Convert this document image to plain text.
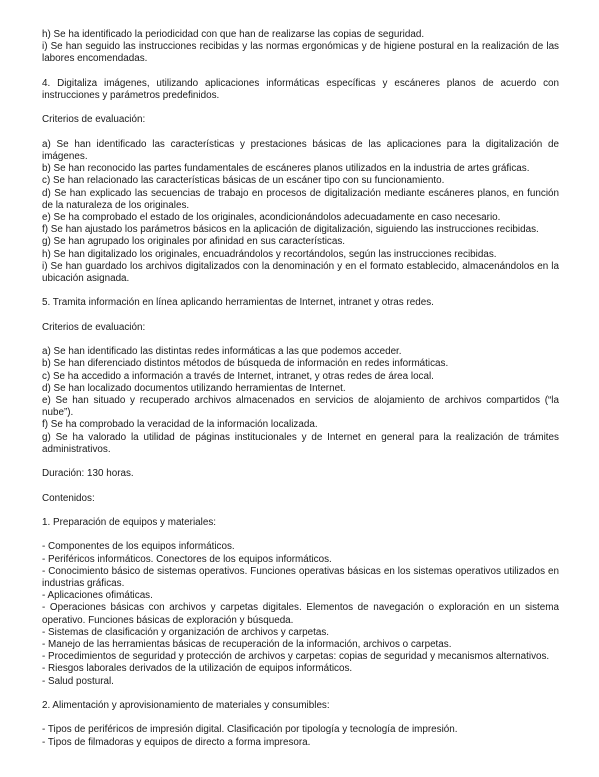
h) Se ha identificado la periodicidad con que han de realizarse las copias de seguridad.

i) Se han seguido las instrucciones recibidas y las normas ergonómicas y de higiene postural en la realización de las labores encomendadas.

4. Digitaliza imágenes, utilizando aplicaciones informáticas específicas y escáneres planos de acuerdo con instrucciones y parámetros predefinidos.

Criterios de evaluación:

a) Se han identificado las características y prestaciones básicas de las aplicaciones para la digitalización de imágenes.

b) Se han reconocido las partes fundamentales de escáneres planos utilizados en la industria de artes gráficas.

c) Se han relacionado las características básicas de un escáner tipo con su funcionamiento.

d) Se han explicado las secuencias de trabajo en procesos de digitalización mediante escáneres planos, en función de la naturaleza de los originales.

e) Se ha comprobado el estado de los originales, acondicionándolos adecuadamente en caso necesario.

f) Se han ajustado los parámetros básicos en la aplicación de digitalización, siguiendo las instrucciones recibidas.

g) Se han agrupado los originales por afinidad en sus características.

h) Se han digitalizado los originales, encuadrándolos y recortándolos, según las instrucciones recibidas.

i) Se han guardado los archivos digitalizados con la denominación y en el formato establecido, almacenándolos en la ubicación asignada.

5. Tramita información en línea aplicando herramientas de Internet, intranet y otras redes.

Criterios de evaluación:

a) Se han identificado las distintas redes informáticas a las que podemos acceder.

b) Se han diferenciado distintos métodos de búsqueda de información en redes informáticas.

c) Se ha accedido a información a través de Internet, intranet, y otras redes de área local.

d) Se han localizado documentos utilizando herramientas de Internet.

e) Se han situado y recuperado archivos almacenados en servicios de alojamiento de archivos compartidos (“la nube”).

f) Se ha comprobado la veracidad de la información localizada.

g) Se ha valorado la utilidad de páginas institucionales y de Internet en general para la realización de trámites administrativos.

Duración: 130 horas.

Contenidos:

1. Preparación de equipos y materiales:

- Componentes de los equipos informáticos.

- Periféricos informáticos. Conectores de los equipos informáticos.

- Conocimiento básico de sistemas operativos. Funciones operativas básicas en los sistemas operativos utilizados en industrias gráficas.

- Aplicaciones ofimáticas.

- Operaciones básicas con archivos y carpetas digitales. Elementos de navegación o exploración en un sistema operativo. Funciones básicas de exploración y búsqueda.

- Sistemas de clasificación y organización de archivos y carpetas.

- Manejo de las herramientas básicas de recuperación de la información, archivos o carpetas.

- Procedimientos de seguridad y protección de archivos y carpetas: copias de seguridad y mecanismos alternativos.

- Riesgos laborales derivados de la utilización de equipos informáticos.

- Salud postural.

2. Alimentación y aprovisionamiento de materiales y consumibles:

- Tipos de periféricos de impresión digital. Clasificación por tipología y tecnología de impresión.

- Tipos de filmadoras y equipos de directo a forma impresora.
